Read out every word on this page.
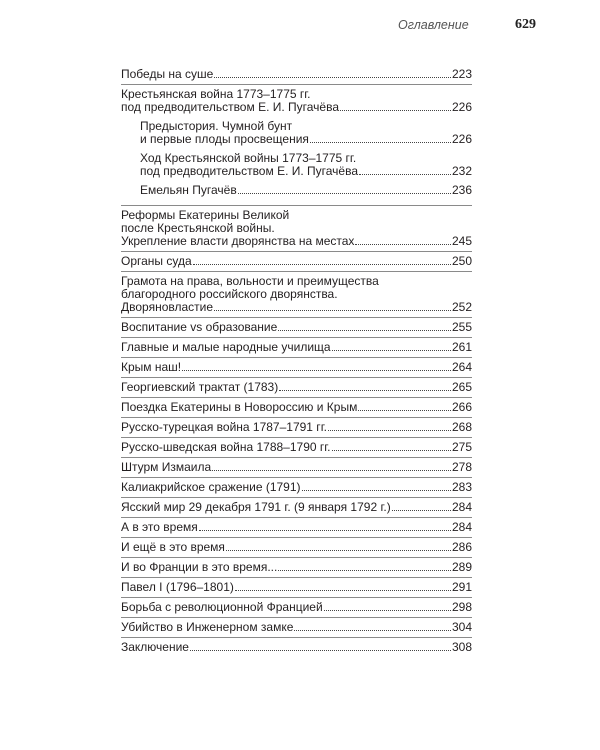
Оглавление	629
Победы на суше	223
Крестьянская война 1773–1775 гг.
под предводительством Е. И. Пугачёва	226
Предыстория. Чумной бунт
и первые плоды просвещения	226
Ход Крестьянской войны 1773–1775 гг.
под предводительством Е. И. Пугачёва	232
Емельян Пугачёв	236
Реформы Екатерины Великой
после Крестьянской войны.
Укрепление власти дворянства на местах	245
Органы суда	250
Грамота на права, вольности и преимущества
благородного российского дворянства.
Дворяновластие	252
Воспитание vs образование	255
Главные и малые народные училища	261
Крым наш!	264
Георгиевский трактат (1783)	265
Поездка Екатерины в Новороссию и Крым	266
Русско-турецкая война 1787–1791 гг.	268
Русско-шведская война 1788–1790 гг.	275
Штурм Измаила	278
Калиакрийское сражение (1791)	283
Ясский мир 29 декабря 1791 г. (9 января 1792 г.)	284
А в это время	284
И ещё в это время	286
И во Франции в это время...	289
Павел I (1796–1801)	291
Борьба с революционной Францией	298
Убийство в Инженерном замке	304
Заключение	308
